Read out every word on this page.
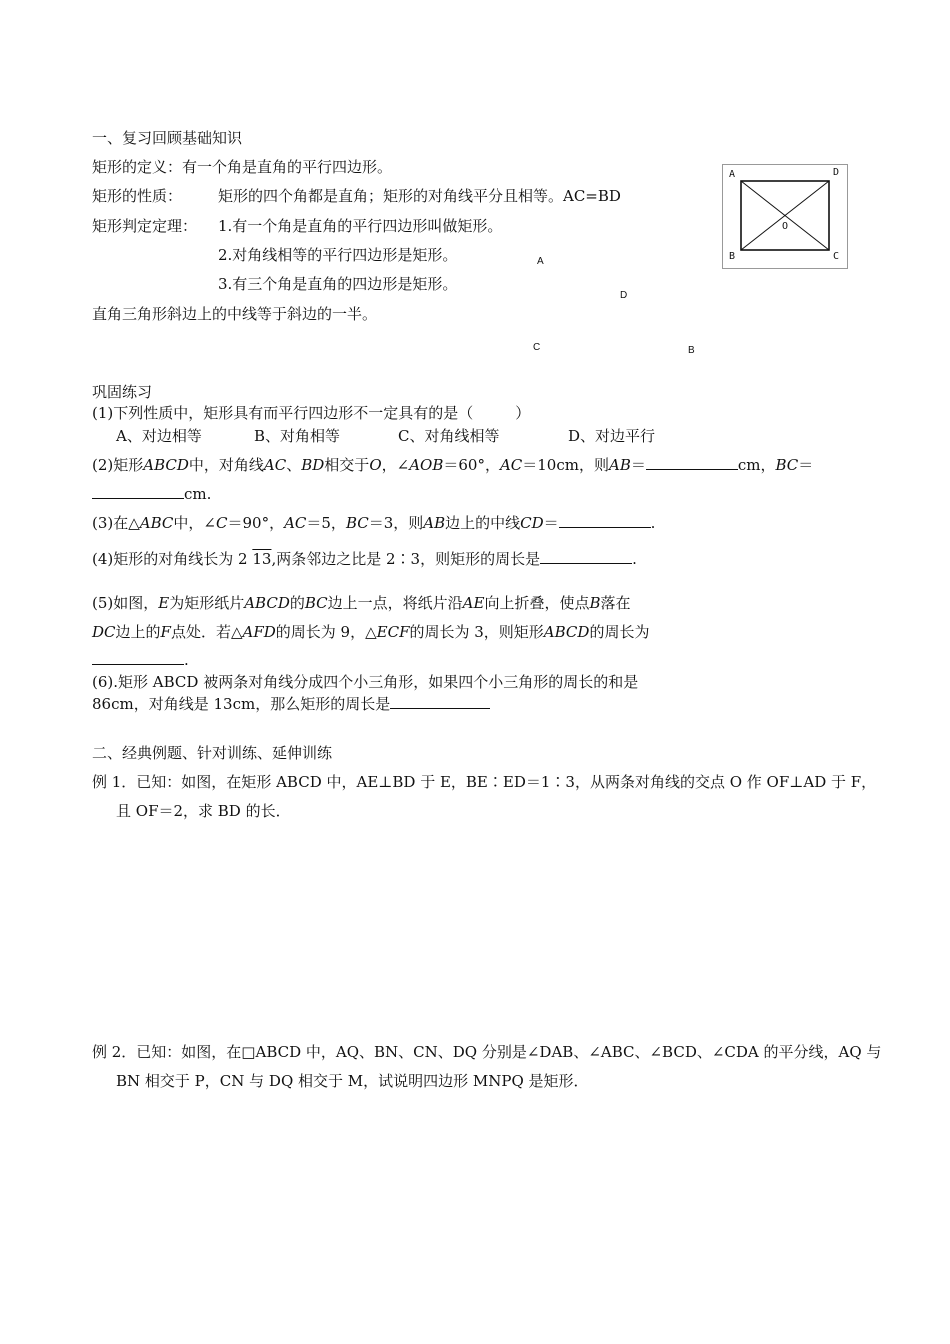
一、复习回顾基础知识
矩形的定义：有一个角是直角的平行四边形。
矩形的性质： 矩形的四个角都是直角；矩形的对角线平分且相等。AC=BD
矩形判定定理： 1.有一个角是直角的平行四边形叫做矩形。
2.对角线相等的平行四边形是矩形。
3.有三个角是直角的四边形是矩形。
直角三角形斜边上的中线等于斜边的一半。
A	D
B	C
O
A
D
C	B
巩固练习
(1)下列性质中，矩形具有而平行四边形不一定具有的是（	）
A、对边相等	B、对角相等	C、对角线相等	D、对边平行
(2)矩形ABCD中，对角线AC、BD相交于O，∠AOB＝60°，AC＝10cm，则AB＝	cm，BC＝
cm.
(3)在△ABC中，∠C＝90°，AC＝5，BC＝3，则AB边上的中线CD＝	.
(4)矩形的对角线长为 2 13,两条邻边之比是 2∶3，则矩形的周长是	.
(5)如图，E为矩形纸片ABCD的BC边上一点，将纸片沿AE向上折叠，使点B落在
DC边上的F点处．若△AFD的周长为 9，△ECF的周长为 3，则矩形ABCD的周长为
.
(6).矩形 ABCD 被两条对角线分成四个小三角形，如果四个小三角形的周长的和是
86cm，对角线是 13cm，那么矩形的周长是
二、经典例题、针对训练、延伸训练
例 1．已知：如图，在矩形 ABCD 中，AE⊥BD 于 E，BE∶ED＝1∶3，从两条对角线的交点 O 作 OF⊥AD 于 F，
且 OF＝2，求 BD 的长．
例 2．已知：如图，在□ABCD 中，AQ、BN、CN、DQ 分别是∠DAB、∠ABC、∠BCD、∠CDA 的平分线，AQ 与
BN 相交于 P，CN 与 DQ 相交于 M，试说明四边形 MNPQ 是矩形．
